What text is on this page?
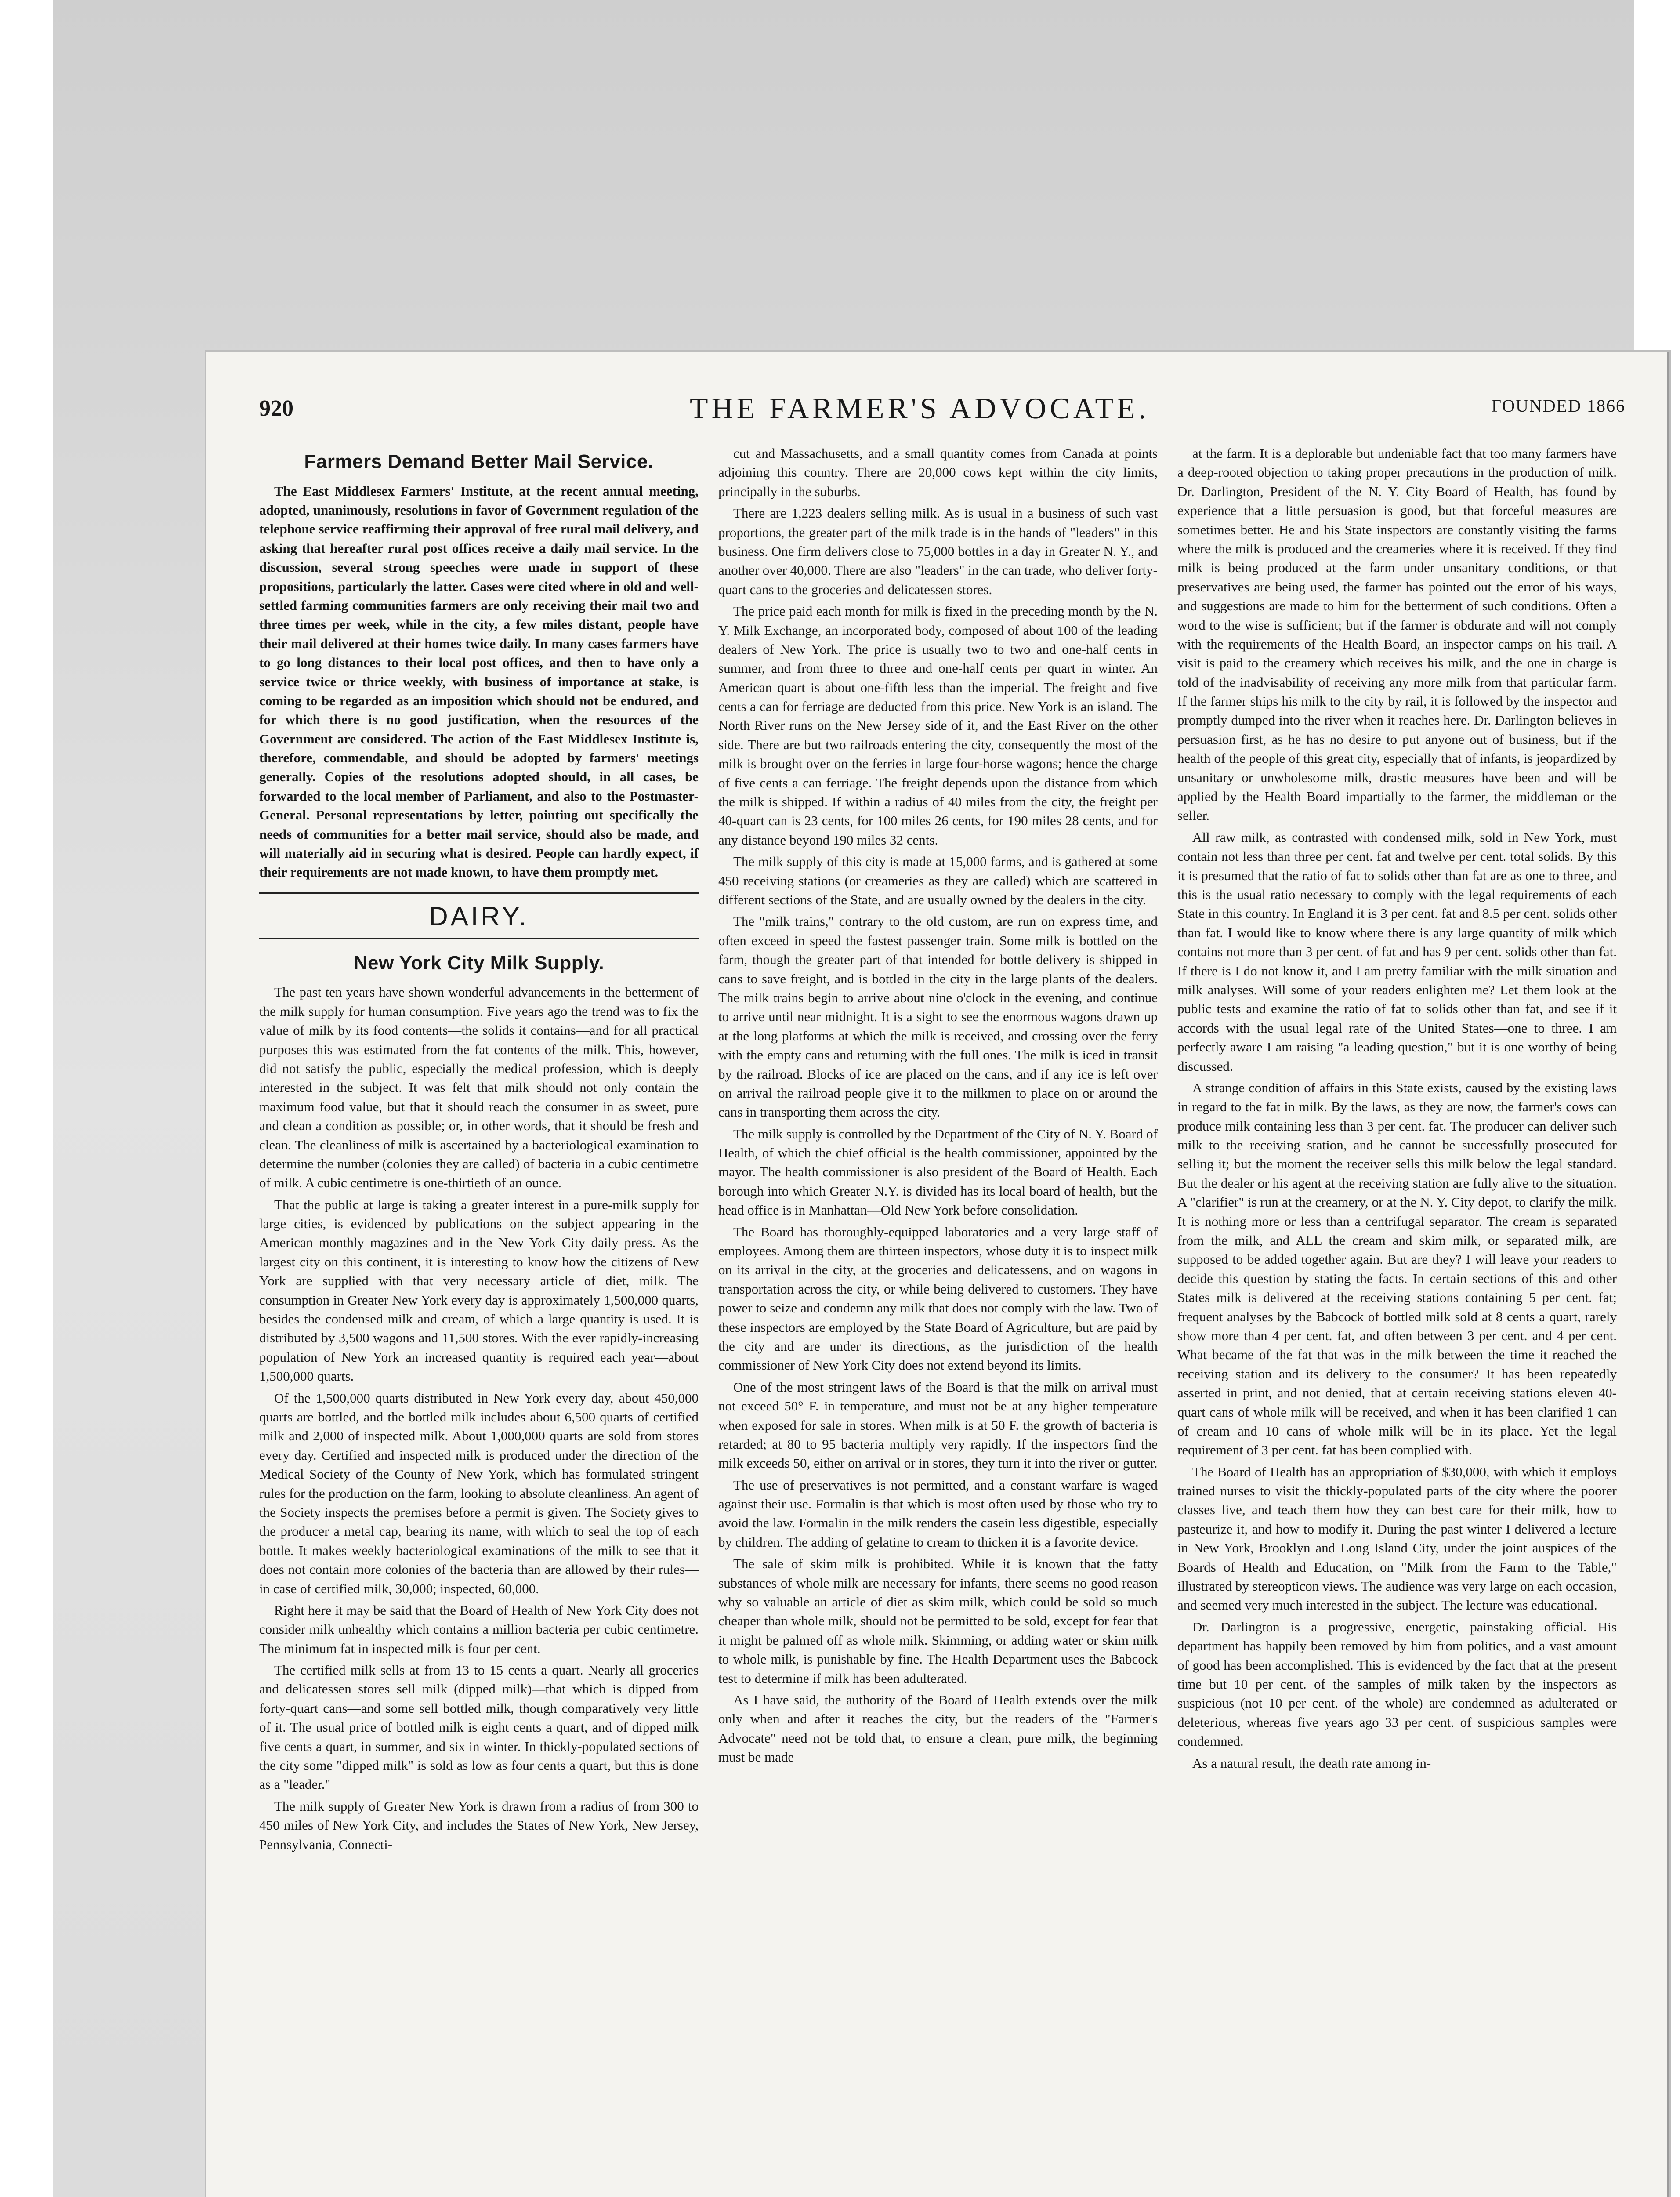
920	THE FARMER'S ADVOCATE.	FOUNDED 1866
Farmers Demand Better Mail Service.

The East Middlesex Farmers' Institute, at the recent annual meeting, adopted, unanimously, resolutions in favor of Government regulation of the telephone service reaffirming their approval of free rural mail delivery, and asking that hereafter rural post offices receive a daily mail service. In the discussion, several strong speeches were made in support of these propositions, particularly the latter. Cases were cited where in old and well-settled farming communities farmers are only receiving their mail two and three times per week, while in the city, a few miles distant, people have their mail delivered at their homes twice daily. In many cases farmers have to go long distances to their local post offices, and then to have only a service twice or thrice weekly, with business of importance at stake, is coming to be regarded as an imposition which should not be endured, and for which there is no good justification, when the resources of the Government are considered. The action of the East Middlesex Institute is, therefore, commendable, and should be adopted by farmers' meetings generally. Copies of the resolutions adopted should, in all cases, be forwarded to the local member of Parliament, and also to the Postmaster-General. Personal representations by letter, pointing out specifically the needs of communities for a better mail service, should also be made, and will materially aid in securing what is desired. People can hardly expect, if their requirements are not made known, to have them promptly met.

DAIRY.
New York City Milk Supply.

The past ten years have shown wonderful advancements in the betterment of the milk supply for human consumption. Five years ago the trend was to fix the value of milk by its food contents—the solids it contains—and for all practical purposes this was estimated from the fat contents of the milk. This, however, did not satisfy the public, especially the medical profession, which is deeply interested in the subject. It was felt that milk should not only contain the maximum food value, but that it should reach the consumer in as sweet, pure and clean a condition as possible; or, in other words, that it should be fresh and clean. The cleanliness of milk is ascertained by a bacteriological examination to determine the number (colonies they are called) of bacteria in a cubic centimetre of milk. A cubic centimetre is one-thirtieth of an ounce.

That the public at large is taking a greater interest in a pure-milk supply for large cities, is evidenced by publications on the subject appearing in the American monthly magazines and in the New York City daily press. As the largest city on this continent, it is interesting to know how the citizens of New York are supplied with that very necessary article of diet, milk. The consumption in Greater New York every day is approximately 1,500,000 quarts, besides the condensed milk and cream, of which a large quantity is used. It is distributed by 3,500 wagons and 11,500 stores. With the ever rapidly-increasing population of New York an increased quantity is required each year—about 1,500,000 quarts.

Of the 1,500,000 quarts distributed in New York every day, about 450,000 quarts are bottled, and the bottled milk includes about 6,500 quarts of certified milk and 2,000 of inspected milk. About 1,000,000 quarts are sold from stores every day. Certified and inspected milk is produced under the direction of the Medical Society of the County of New York, which has formulated stringent rules for the production on the farm, looking to absolute cleanliness. An agent of the Society inspects the premises before a permit is given. The Society gives to the producer a metal cap, bearing its name, with which to seal the top of each bottle. It makes weekly bacteriological examinations of the milk to see that it does not contain more colonies of the bacteria than are allowed by their rules—in case of certified milk, 30,000; inspected, 60,000.

Right here it may be said that the Board of Health of New York City does not consider milk unhealthy which contains a million bacteria per cubic centimetre. The minimum fat in inspected milk is four per cent.

The certified milk sells at from 13 to 15 cents a quart. Nearly all groceries and delicatessen stores sell milk (dipped milk)—that which is dipped from forty-quart cans—and some sell bottled milk, though comparatively very little of it. The usual price of bottled milk is eight cents a quart, and of dipped milk five cents a quart, in summer, and six in winter. In thickly-populated sections of the city some "dipped milk" is sold as low as four cents a quart, but this is done as a "leader."

The milk supply of Greater New York is drawn from a radius of from 300 to 450 miles of New York City, and includes the States of New York, New Jersey, Pennsylvania, Connecti-

cut and Massachusetts, and a small quantity comes from Canada at points adjoining this country. There are 20,000 cows kept within the city limits, principally in the suburbs.

There are 1,223 dealers selling milk. As is usual in a business of such vast proportions, the greater part of the milk trade is in the hands of "leaders" in this business. One firm delivers close to 75,000 bottles in a day in Greater N. Y., and another over 40,000. There are also "leaders" in the can trade, who deliver forty-quart cans to the groceries and delicatessen stores.

The price paid each month for milk is fixed in the preceding month by the N. Y. Milk Exchange, an incorporated body, composed of about 100 of the leading dealers of New York. The price is usually two to two and one-half cents in summer, and from three to three and one-half cents per quart in winter. An American quart is about one-fifth less than the imperial. The freight and five cents a can for ferriage are deducted from this price. New York is an island. The North River runs on the New Jersey side of it, and the East River on the other side. There are but two railroads entering the city, consequently the most of the milk is brought over on the ferries in large four-horse wagons; hence the charge of five cents a can ferriage. The freight depends upon the distance from which the milk is shipped. If within a radius of 40 miles from the city, the freight per 40-quart can is 23 cents, for 100 miles 26 cents, for 190 miles 28 cents, and for any distance beyond 190 miles 32 cents.

The milk supply of this city is made at 15,000 farms, and is gathered at some 450 receiving stations (or creameries as they are called) which are scattered in different sections of the State, and are usually owned by the dealers in the city.

The "milk trains," contrary to the old custom, are run on express time, and often exceed in speed the fastest passenger train. Some milk is bottled on the farm, though the greater part of that intended for bottle delivery is shipped in cans to save freight, and is bottled in the city in the large plants of the dealers. The milk trains begin to arrive about nine o'clock in the evening, and continue to arrive until near midnight. It is a sight to see the enormous wagons drawn up at the long platforms at which the milk is received, and crossing over the ferry with the empty cans and returning with the full ones. The milk is iced in transit by the railroad. Blocks of ice are placed on the cans, and if any ice is left over on arrival the railroad people give it to the milkmen to place on or around the cans in transporting them across the city.

The milk supply is controlled by the Department of the City of N. Y. Board of Health, of which the chief official is the health commissioner, appointed by the mayor. The health commissioner is also president of the Board of Health. Each borough into which Greater N.Y. is divided has its local board of health, but the head office is in Manhattan—Old New York before consolidation.

The Board has thoroughly-equipped laboratories and a very large staff of employees. Among them are thirteen inspectors, whose duty it is to inspect milk on its arrival in the city, at the groceries and delicatessens, and on wagons in transportation across the city, or while being delivered to customers. They have power to seize and condemn any milk that does not comply with the law. Two of these inspectors are employed by the State Board of Agriculture, but are paid by the city and are under its directions, as the jurisdiction of the health commissioner of New York City does not extend beyond its limits.

One of the most stringent laws of the Board is that the milk on arrival must not exceed 50° F. in temperature, and must not be at any higher temperature when exposed for sale in stores. When milk is at 50 F. the growth of bacteria is retarded; at 80 to 95 bacteria multiply very rapidly. If the inspectors find the milk exceeds 50, either on arrival or in stores, they turn it into the river or gutter.

The use of preservatives is not permitted, and a constant warfare is waged against their use. Formalin is that which is most often used by those who try to avoid the law. Formalin in the milk renders the casein less digestible, especially by children. The adding of gelatine to cream to thicken it is a favorite device.

The sale of skim milk is prohibited. While it is known that the fatty substances of whole milk are necessary for infants, there seems no good reason why so valuable an article of diet as skim milk, which could be sold so much cheaper than whole milk, should not be permitted to be sold, except for fear that it might be palmed off as whole milk. Skimming, or adding water or skim milk to whole milk, is punishable by fine. The Health Department uses the Babcock test to determine if milk has been adulterated.

As I have said, the authority of the Board of Health extends over the milk only when and after it reaches the city, but the readers of the "Farmer's Advocate" need not be told that, to ensure a clean, pure milk, the beginning must be made

at the farm. It is a deplorable but undeniable fact that too many farmers have a deep-rooted objection to taking proper precautions in the production of milk. Dr. Darlington, President of the N. Y. City Board of Health, has found by experience that a little persuasion is good, but that forceful measures are sometimes better. He and his State inspectors are constantly visiting the farms where the milk is produced and the creameries where it is received. If they find milk is being produced at the farm under unsanitary conditions, or that preservatives are being used, the farmer has pointed out the error of his ways, and suggestions are made to him for the betterment of such conditions. Often a word to the wise is sufficient; but if the farmer is obdurate and will not comply with the requirements of the Health Board, an inspector camps on his trail. A visit is paid to the creamery which receives his milk, and the one in charge is told of the inadvisability of receiving any more milk from that particular farm. If the farmer ships his milk to the city by rail, it is followed by the inspector and promptly dumped into the river when it reaches here. Dr. Darlington believes in persuasion first, as he has no desire to put anyone out of business, but if the health of the people of this great city, especially that of infants, is jeopardized by unsanitary or unwholesome milk, drastic measures have been and will be applied by the Health Board impartially to the farmer, the middleman or the seller.

All raw milk, as contrasted with condensed milk, sold in New York, must contain not less than three per cent. fat and twelve per cent. total solids. By this it is presumed that the ratio of fat to solids other than fat are as one to three, and this is the usual ratio necessary to comply with the legal requirements of each State in this country. In England it is 3 per cent. fat and 8.5 per cent. solids other than fat. I would like to know where there is any large quantity of milk which contains not more than 3 per cent. of fat and has 9 per cent. solids other than fat. If there is I do not know it, and I am pretty familiar with the milk situation and milk analyses. Will some of your readers enlighten me? Let them look at the public tests and examine the ratio of fat to solids other than fat, and see if it accords with the usual legal rate of the United States—one to three. I am perfectly aware I am raising "a leading question," but it is one worthy of being discussed.

A strange condition of affairs in this State exists, caused by the existing laws in regard to the fat in milk. By the laws, as they are now, the farmer's cows can produce milk containing less than 3 per cent. fat. The producer can deliver such milk to the receiving station, and he cannot be successfully prosecuted for selling it; but the moment the receiver sells this milk below the legal standard. But the dealer or his agent at the receiving station are fully alive to the situation. A "clarifier" is run at the creamery, or at the N. Y. City depot, to clarify the milk. It is nothing more or less than a centrifugal separator. The cream is separated from the milk, and ALL the cream and skim milk, or separated milk, are supposed to be added together again. But are they? I will leave your readers to decide this question by stating the facts. In certain sections of this and other States milk is delivered at the receiving stations containing 5 per cent. fat; frequent analyses by the Babcock of bottled milk sold at 8 cents a quart, rarely show more than 4 per cent. fat, and often between 3 per cent. and 4 per cent. What became of the fat that was in the milk between the time it reached the receiving station and its delivery to the consumer? It has been repeatedly asserted in print, and not denied, that at certain receiving stations eleven 40-quart cans of whole milk will be received, and when it has been clarified 1 can of cream and 10 cans of whole milk will be in its place. Yet the legal requirement of 3 per cent. fat has been complied with.

The Board of Health has an appropriation of $30,000, with which it employs trained nurses to visit the thickly-populated parts of the city where the poorer classes live, and teach them how they can best care for their milk, how to pasteurize it, and how to modify it. During the past winter I delivered a lecture in New York, Brooklyn and Long Island City, under the joint auspices of the Boards of Health and Education, on "Milk from the Farm to the Table," illustrated by stereopticon views. The audience was very large on each occasion, and seemed very much interested in the subject. The lecture was educational.

Dr. Darlington is a progressive, energetic, painstaking official. His department has happily been removed by him from politics, and a vast amount of good has been accomplished. This is evidenced by the fact that at the present time but 10 per cent. of the samples of milk taken by the inspectors as suspicious (not 10 per cent. of the whole) are condemned as adulterated or deleterious, whereas five years ago 33 per cent. of suspicious samples were condemned.

As a natural result, the death rate among in-
